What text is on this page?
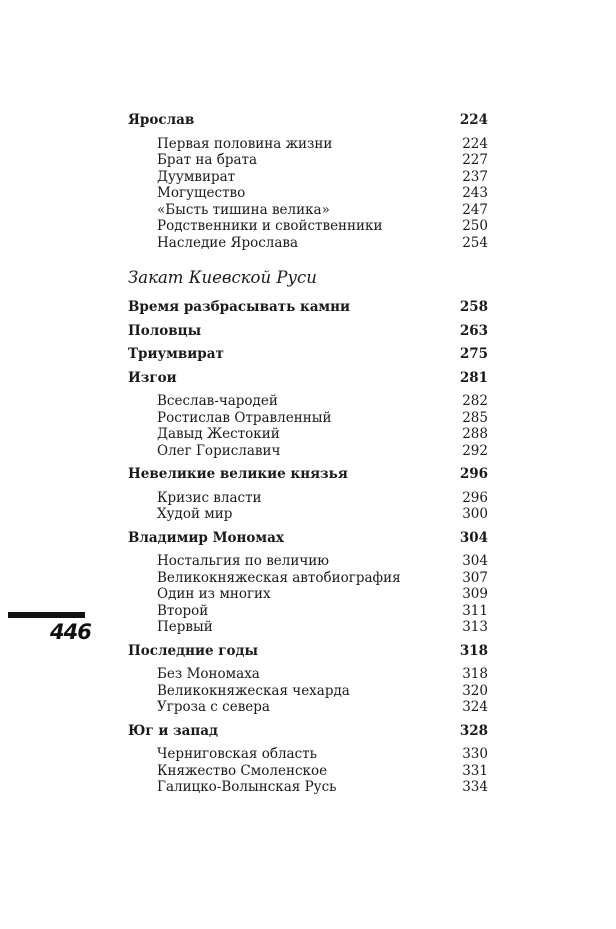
Ярослав	224
Первая половина жизни	224
Брат на брата	227
Дуумвират	237
Могущество	243
«Бысть тишина велика»	247
Родственники и свойственники	250
Наследие Ярослава	254
Закат Киевской Руси
Время разбрасывать камни	258
Половцы	263
Триумвират	275
Изгои	281
Всеслав-чародей	282
Ростислав Отравленный	285
Давыд Жестокий	288
Олег Гориславич	292
Невеликие великие князья	296
Кризис власти	296
Худой мир	300
Владимир Мономах	304
Ностальгия по величию	304
Великокняжеская автобиография	307
Один из многих	309
Второй	311
Первый	313
Последние годы	318
Без Мономаха	318
Великокняжеская чехарда	320
Угроза с севера	324
Юг и запад	328
Черниговская область	330
Княжество Смоленское	331
Галицко-Волынская Русь	334
446
